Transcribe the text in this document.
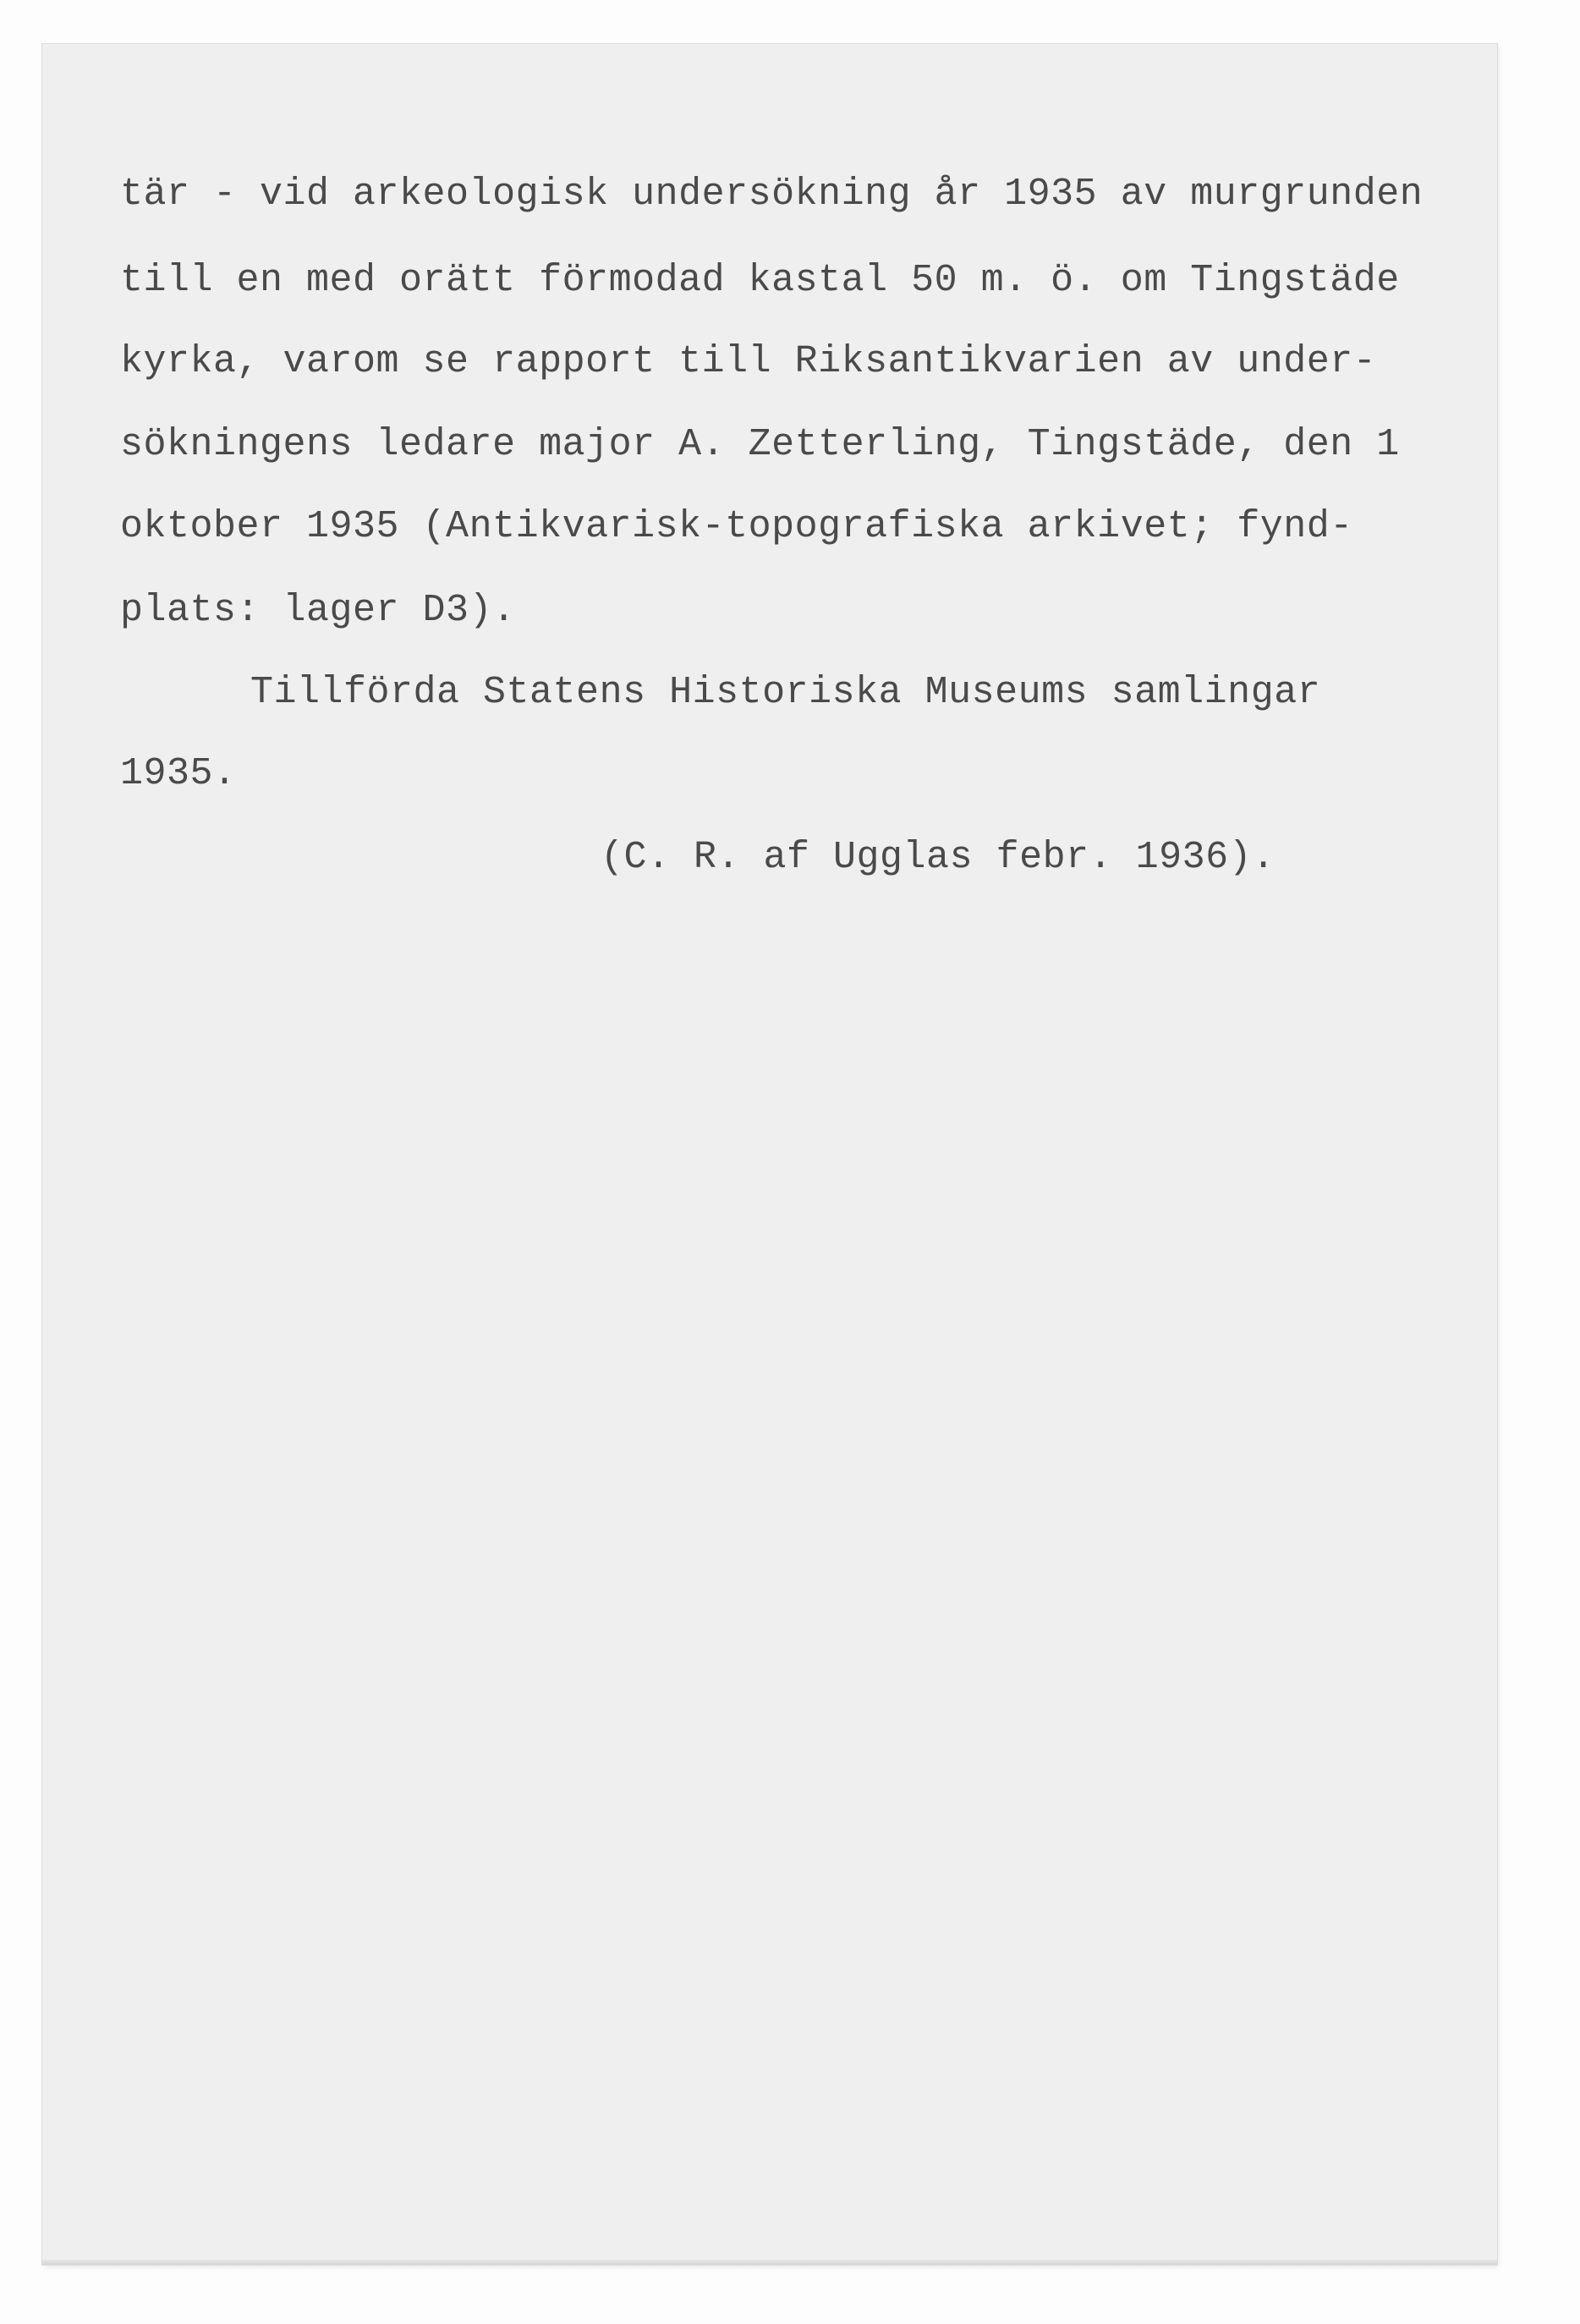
tär - vid arkeologisk undersökning år 1935 av murgrunden

till en med orätt förmodad kastal 50 m. ö. om Tingstäde

kyrka, varom se rapport till Riksantikvarien av under-

sökningens ledare major A. Zetterling, Tingstäde, den 1

oktober 1935 (Antikvarisk-topografiska arkivet; fynd-

plats: lager D3).

Tillförda Statens Historiska Museums samlingar

1935.

(C. R. af Ugglas febr. 1936).
